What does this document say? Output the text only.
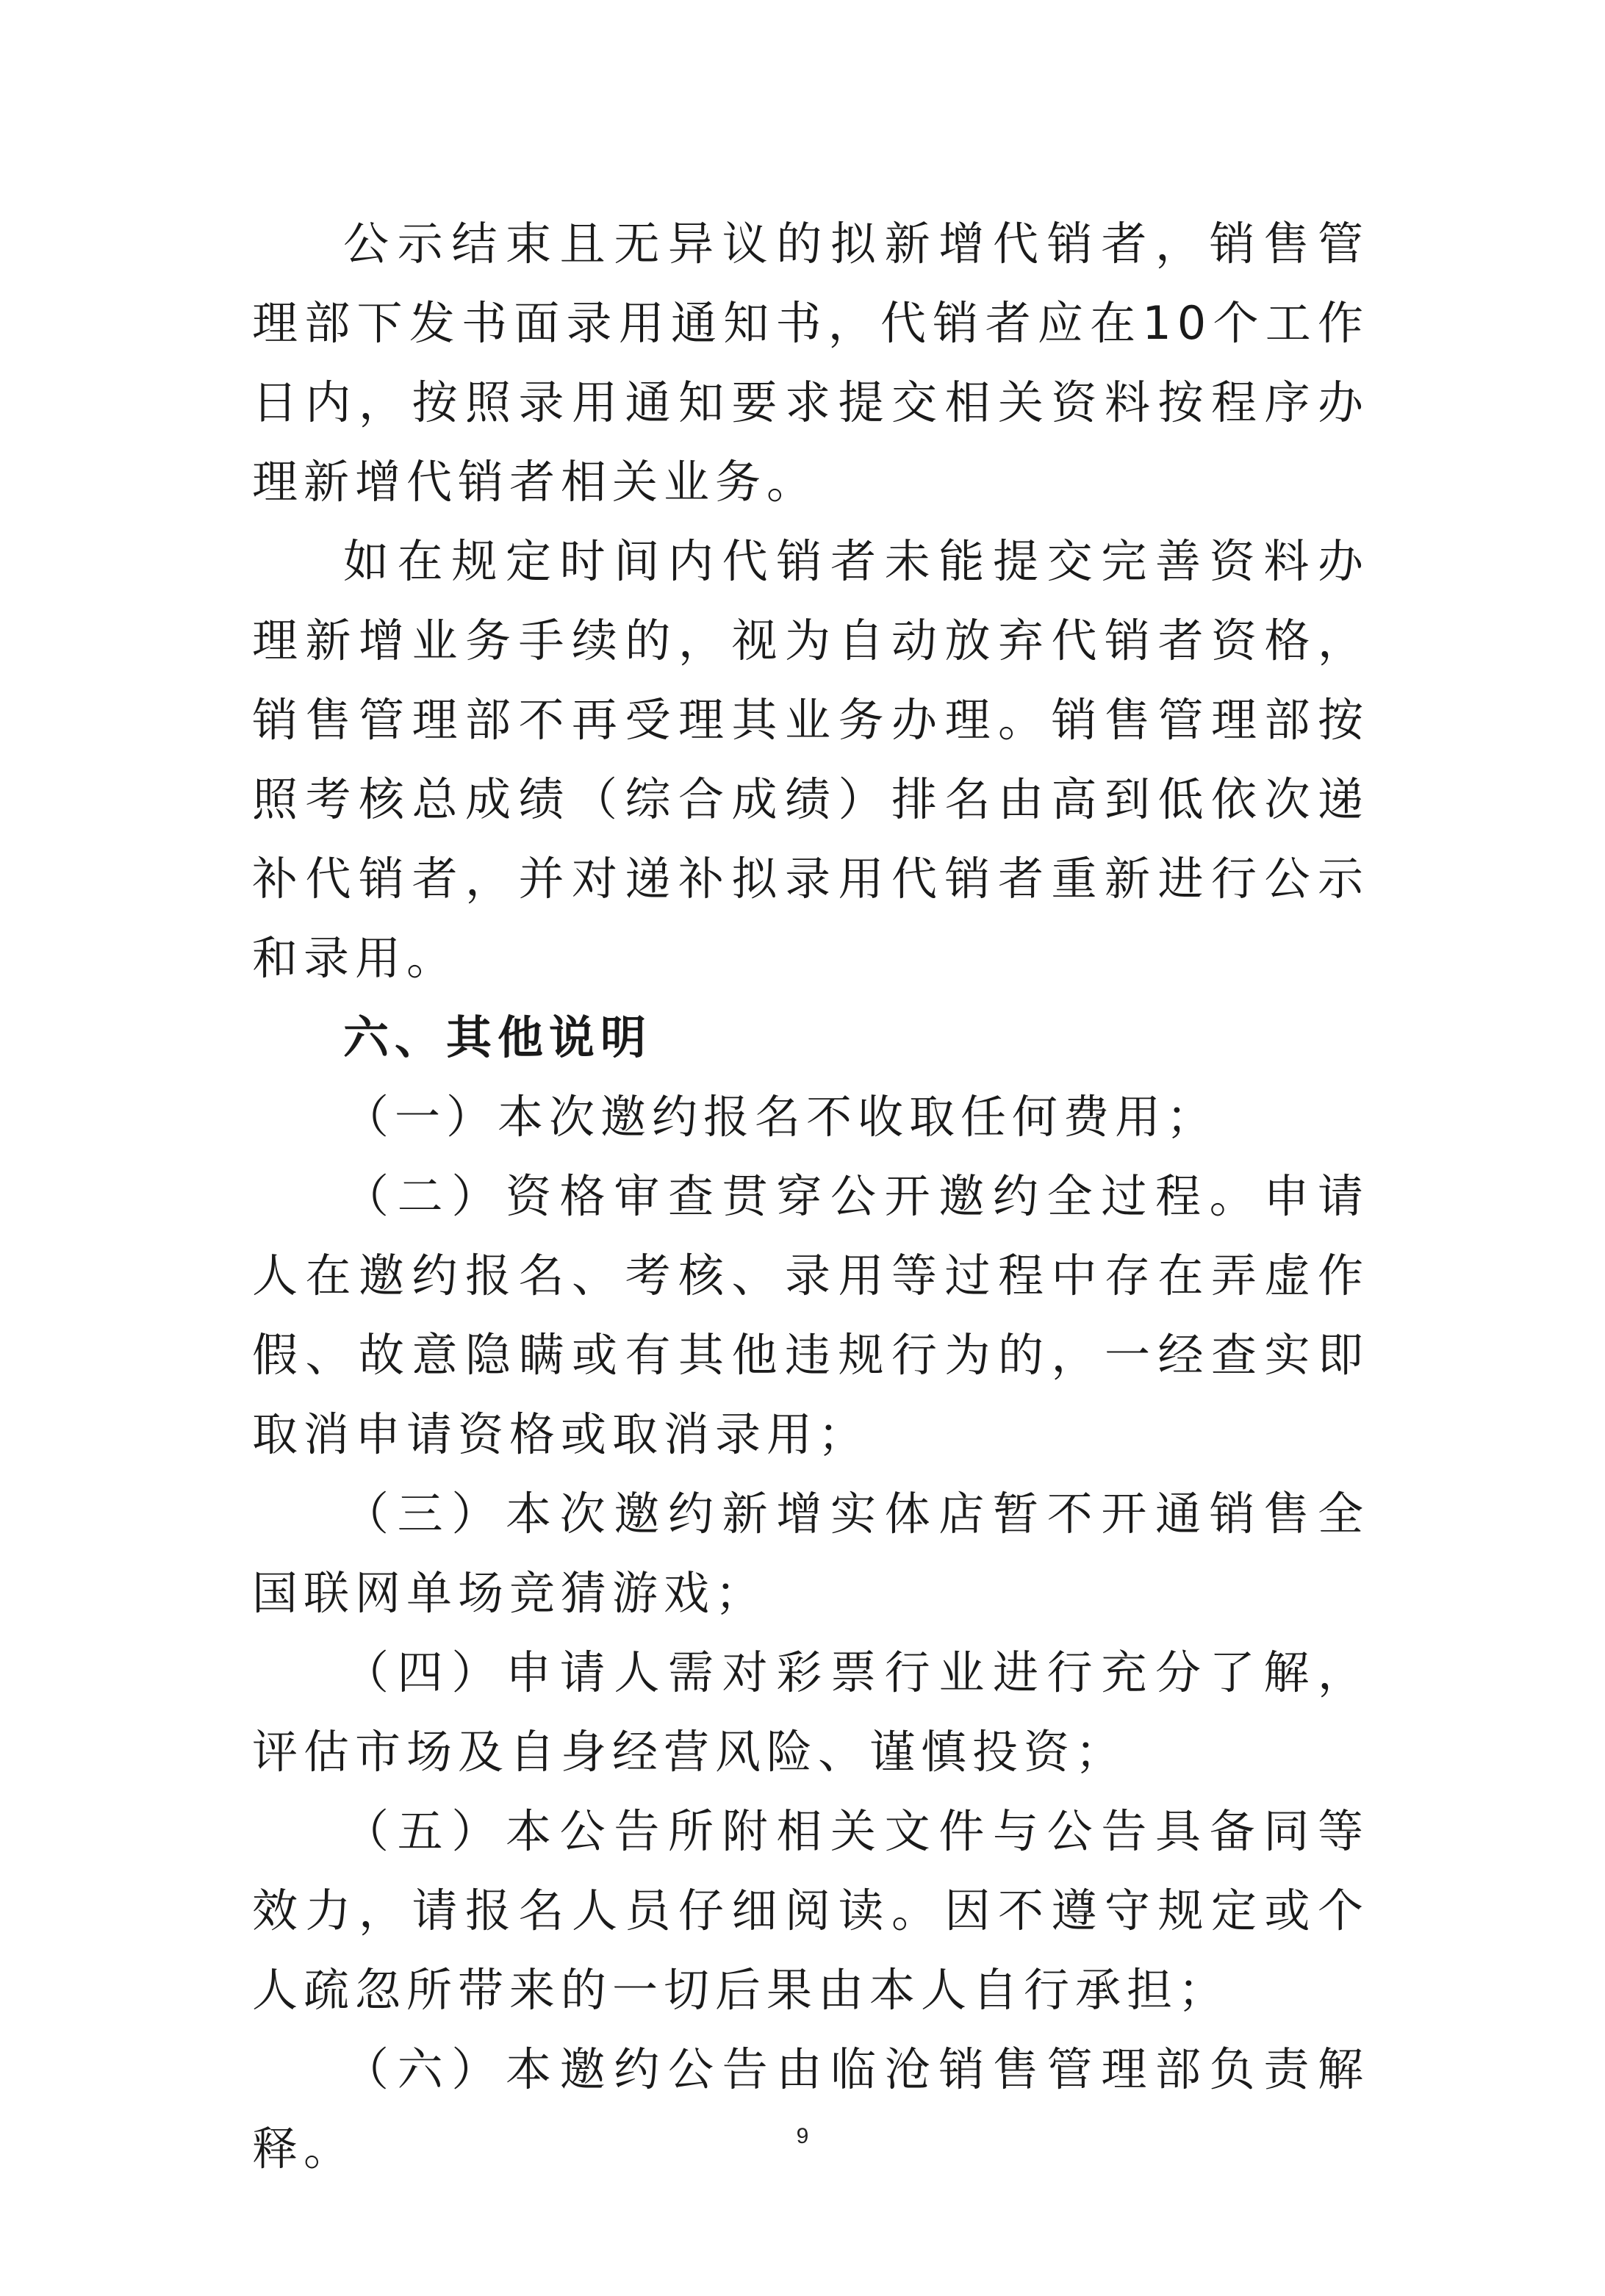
公示结束且无异议的拟新增代销者，销售管理部下发书面录用通知书，代销者应在10个工作日内，按照录用通知要求提交相关资料按程序办理新增代销者相关业务。

如在规定时间内代销者未能提交完善资料办理新增业务手续的，视为自动放弃代销者资格，销售管理部不再受理其业务办理。销售管理部按照考核总成绩（综合成绩）排名由高到低依次递补代销者，并对递补拟录用代销者重新进行公示和录用。

六、其他说明

（一）本次邀约报名不收取任何费用；

（二）资格审查贯穿公开邀约全过程。申请人在邀约报名、考核、录用等过程中存在弄虚作假、故意隐瞒或有其他违规行为的，一经查实即取消申请资格或取消录用；

（三）本次邀约新增实体店暂不开通销售全国联网单场竞猜游戏；

（四）申请人需对彩票行业进行充分了解，评估市场及自身经营风险、谨慎投资；

（五）本公告所附相关文件与公告具备同等效力，请报名人员仔细阅读。因不遵守规定或个人疏忽所带来的一切后果由本人自行承担；

（六）本邀约公告由临沧销售管理部负责解释。	9
